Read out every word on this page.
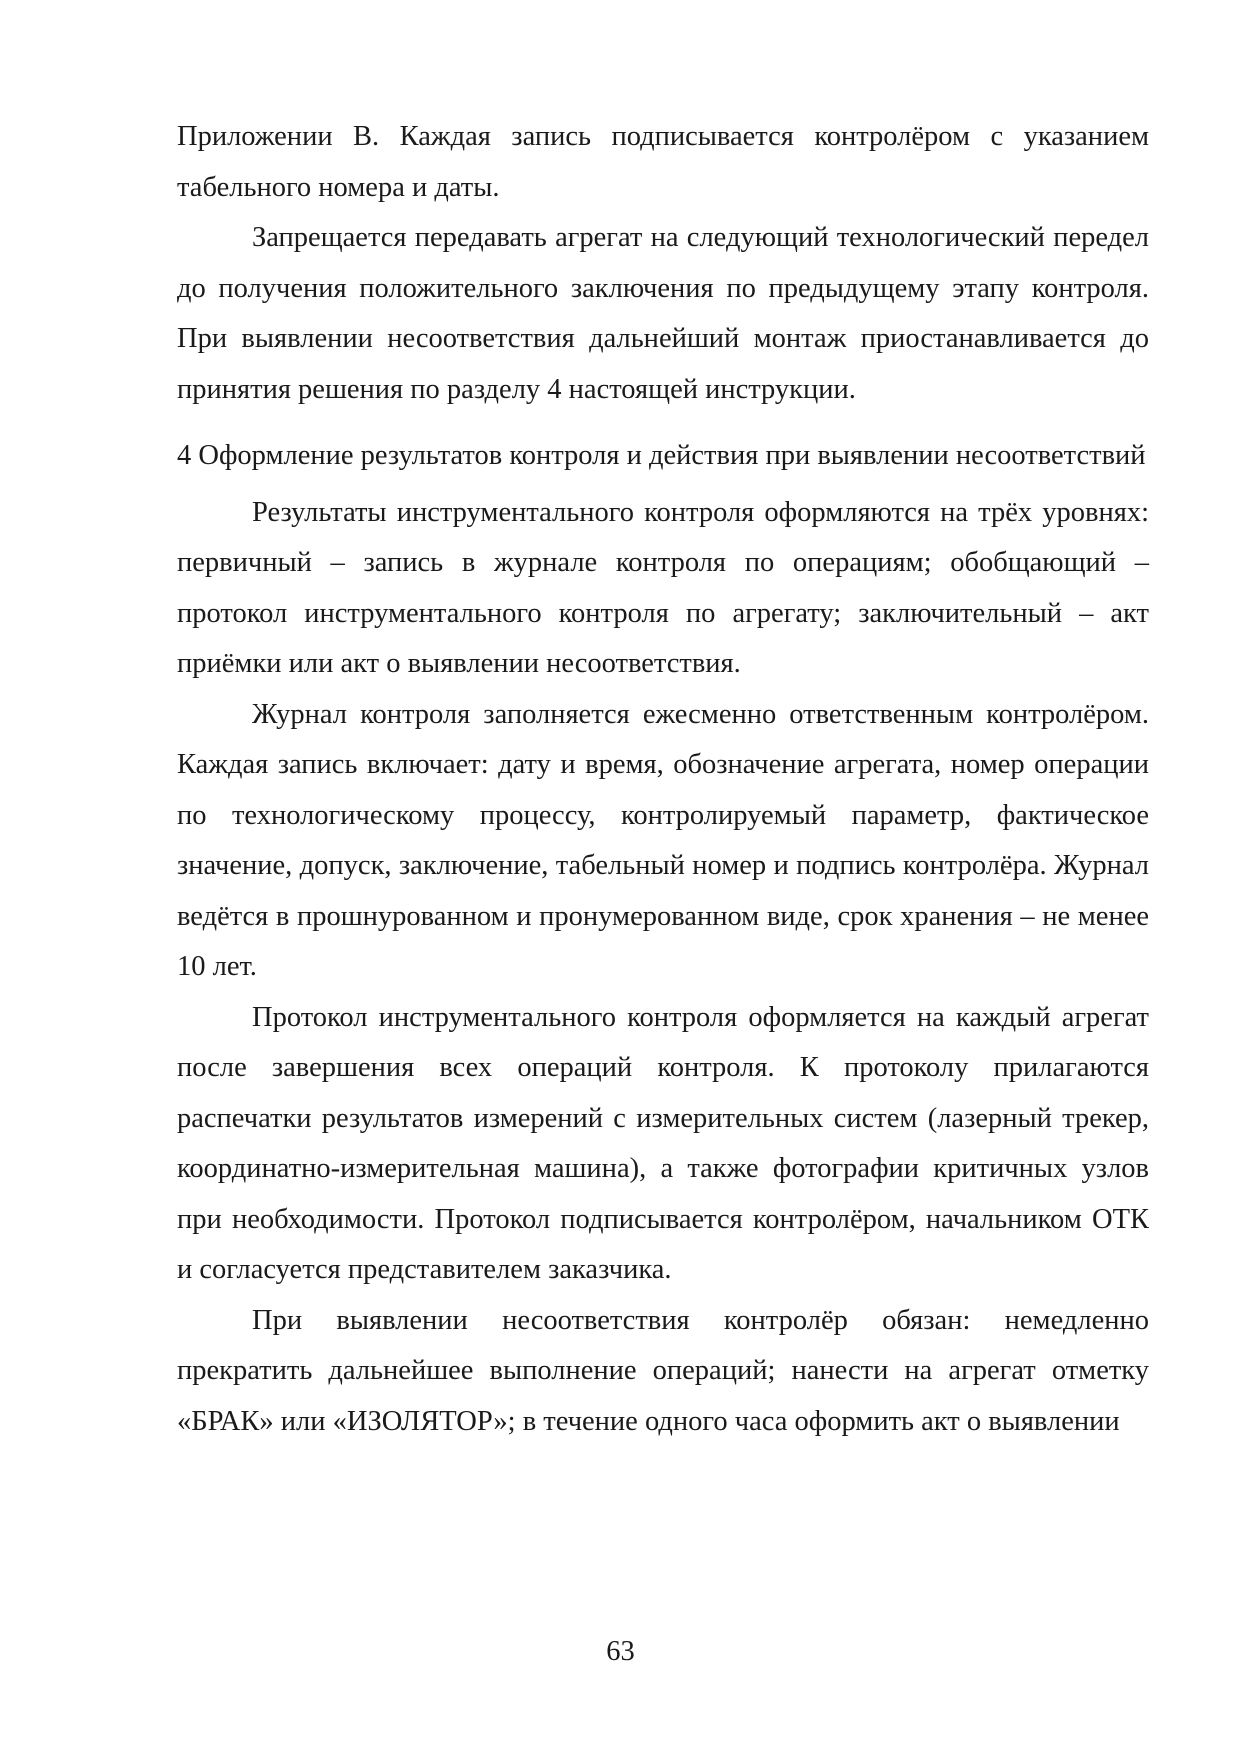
Приложении В. Каждая запись подписывается контролёром с указанием табельного номера и даты.

Запрещается передавать агрегат на следующий технологический передел до получения положительного заключения по предыдущему этапу контроля. При выявлении несоответствия дальнейший монтаж приостанавливается до принятия решения по разделу 4 настоящей инструкции.

4 Оформление результатов контроля и действия при выявлении несоответствий

Результаты инструментального контроля оформляются на трёх уровнях: первичный – запись в журнале контроля по операциям; обобщающий – протокол инструментального контроля по агрегату; заключительный – акт приёмки или акт о выявлении несоответствия.

Журнал контроля заполняется ежесменно ответственным контролёром. Каждая запись включает: дату и время, обозначение агрегата, номер операции по технологическому процессу, контролируемый параметр, фактическое значение, допуск, заключение, табельный номер и подпись контролёра. Журнал ведётся в прошнурованном и пронумерованном виде, срок хранения – не менее 10 лет.

Протокол инструментального контроля оформляется на каждый агрегат после завершения всех операций контроля. К протоколу прилагаются распечатки результатов измерений с измерительных систем (лазерный трекер, координатно-измерительная машина), а также фотографии критичных узлов при необходимости. Протокол подписывается контролёром, начальником ОТК и согласуется представителем заказчика.

При выявлении несоответствия контролёр обязан: немедленно прекратить дальнейшее выполнение операций; нанести на агрегат отметку «БРАК» или «ИЗОЛЯТОР»; в течение одного часа оформить акт о выявлении

63
